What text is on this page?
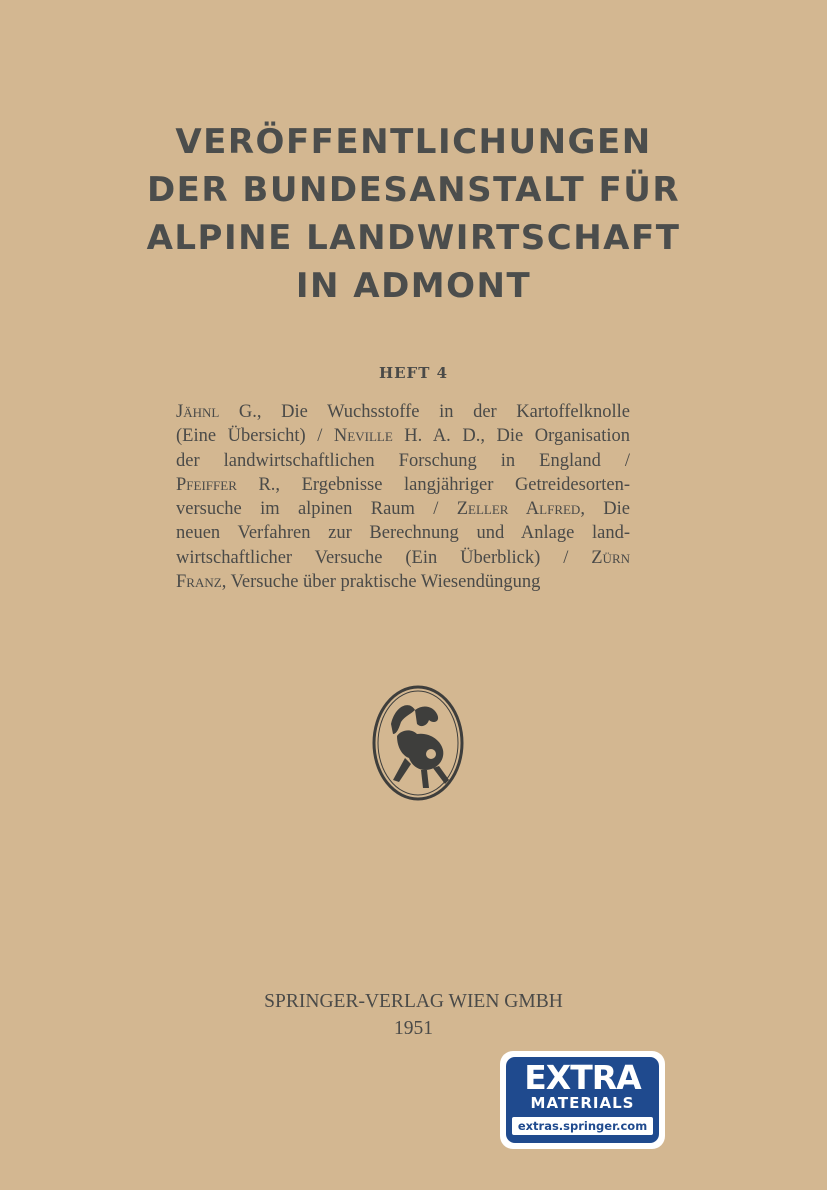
VERÖFFENTLICHUNGEN
DER BUNDESANSTALT FÜR
ALPINE LANDWIRTSCHAFT
IN ADMONT
HEFT 4
Jähnl G., Die Wuchsstoffe in der Kartoffelknolle
(Eine Übersicht) / Neville H. A. D., Die Organisation
der landwirtschaftlichen Forschung in England /
Pfeiffer R., Ergebnisse langjähriger Getreidesorten-
versuche im alpinen Raum / Zeller Alfred, Die
neuen Verfahren zur Berechnung und Anlage land-
wirtschaftlicher Versuche (Ein Überblick) / Zürn
Franz, Versuche über praktische Wiesendüngung
SPRINGER-VERLAG WIEN GMBH
1951
EXTRA
MATERIALS
extras.springer.com
